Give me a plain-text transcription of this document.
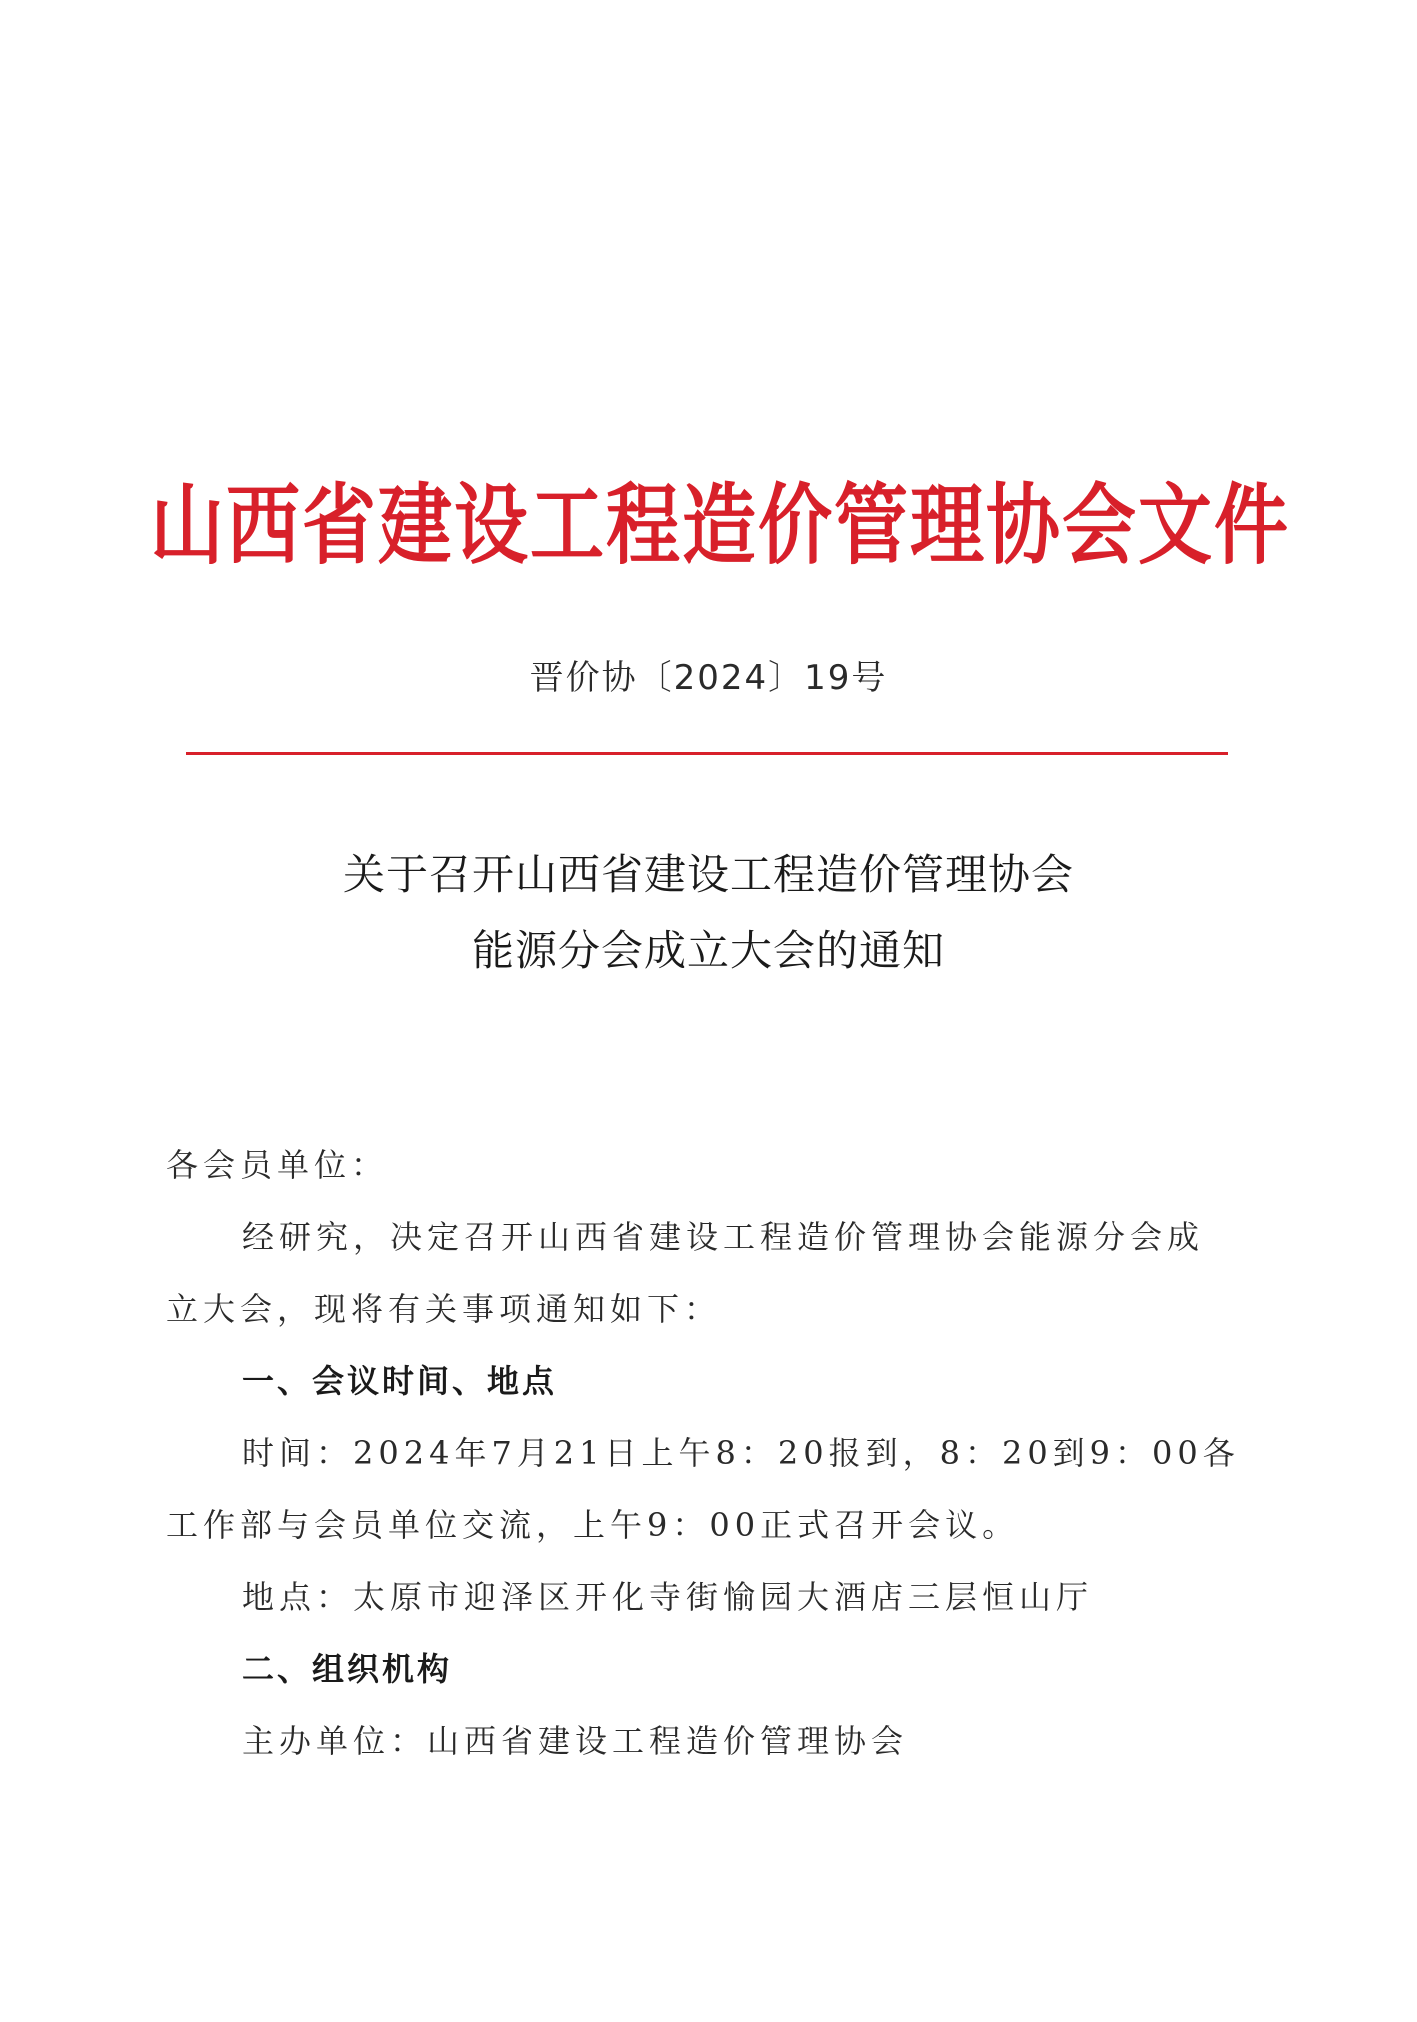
山西省建设工程造价管理协会文件
晋价协〔2024〕19号
关于召开山西省建设工程造价管理协会
能源分会成立大会的通知
各会员单位：
经研究，决定召开山西省建设工程造价管理协会能源分会成
立大会，现将有关事项通知如下：
一、会议时间、地点
时间：2024年7月21日上午8：20报到，8：20到9：00各
工作部与会员单位交流，上午9：00正式召开会议。
地点：太原市迎泽区开化寺街愉园大酒店三层恒山厅
二、组织机构
主办单位：山西省建设工程造价管理协会
